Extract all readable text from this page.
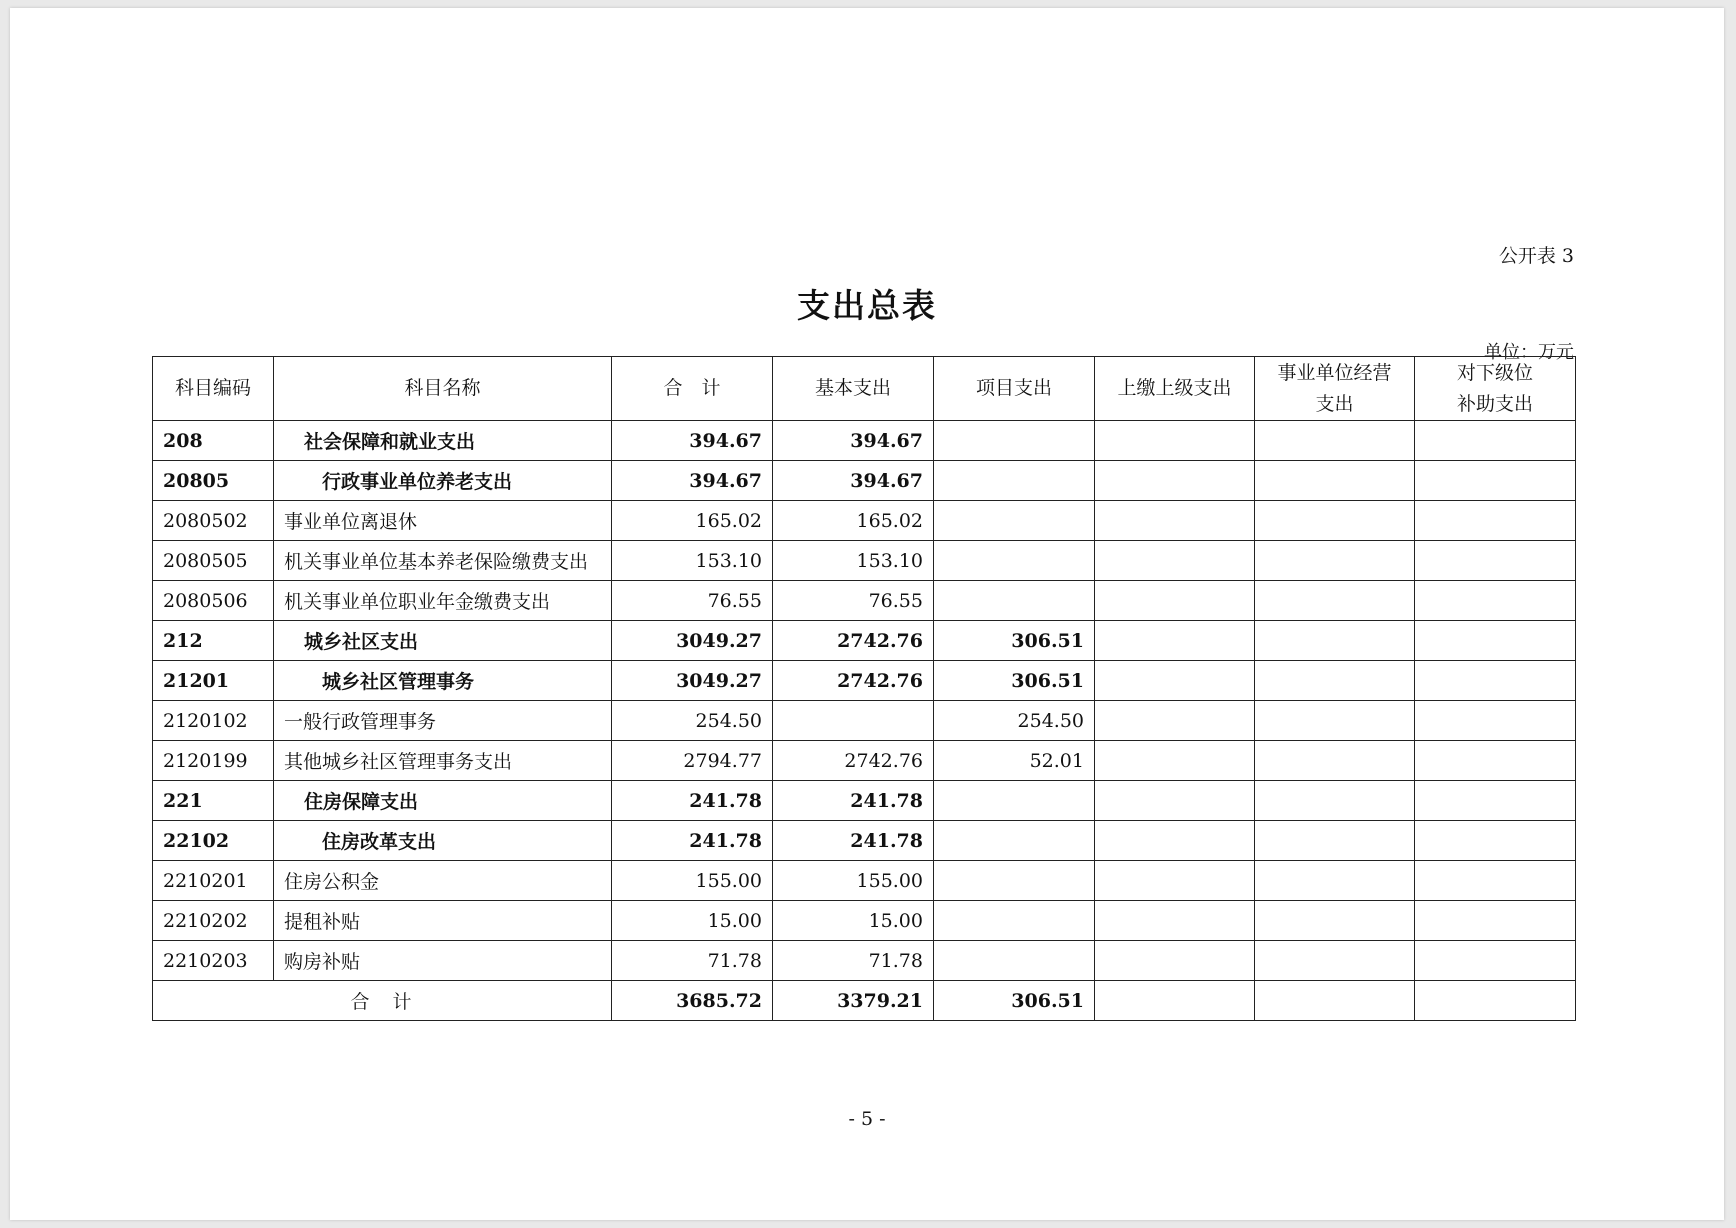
公开表 3
支出总表
单位：万元
科目编码	科目名称	合　计	基本支出	项目支出	上缴上级支出	事业单位经营支出	对下级位补助支出
208	社会保障和就业支出	394.67	394.67				
20805	行政事业单位养老支出	394.67	394.67				
2080502	事业单位离退休	165.02	165.02				
2080505	机关事业单位基本养老保险缴费支出	153.10	153.10				
2080506	机关事业单位职业年金缴费支出	76.55	76.55				
212	城乡社区支出	3049.27	2742.76	306.51			
21201	城乡社区管理事务	3049.27	2742.76	306.51			
2120102	一般行政管理事务	254.50		254.50			
2120199	其他城乡社区管理事务支出	2794.77	2742.76	52.01			
221	住房保障支出	241.78	241.78				
22102	住房改革支出	241.78	241.78				
2210201	住房公积金	155.00	155.00				
2210202	提租补贴	15.00	15.00				
2210203	购房补贴	71.78	71.78				
合　计		3685.72	3379.21	306.51			
- 5 -
